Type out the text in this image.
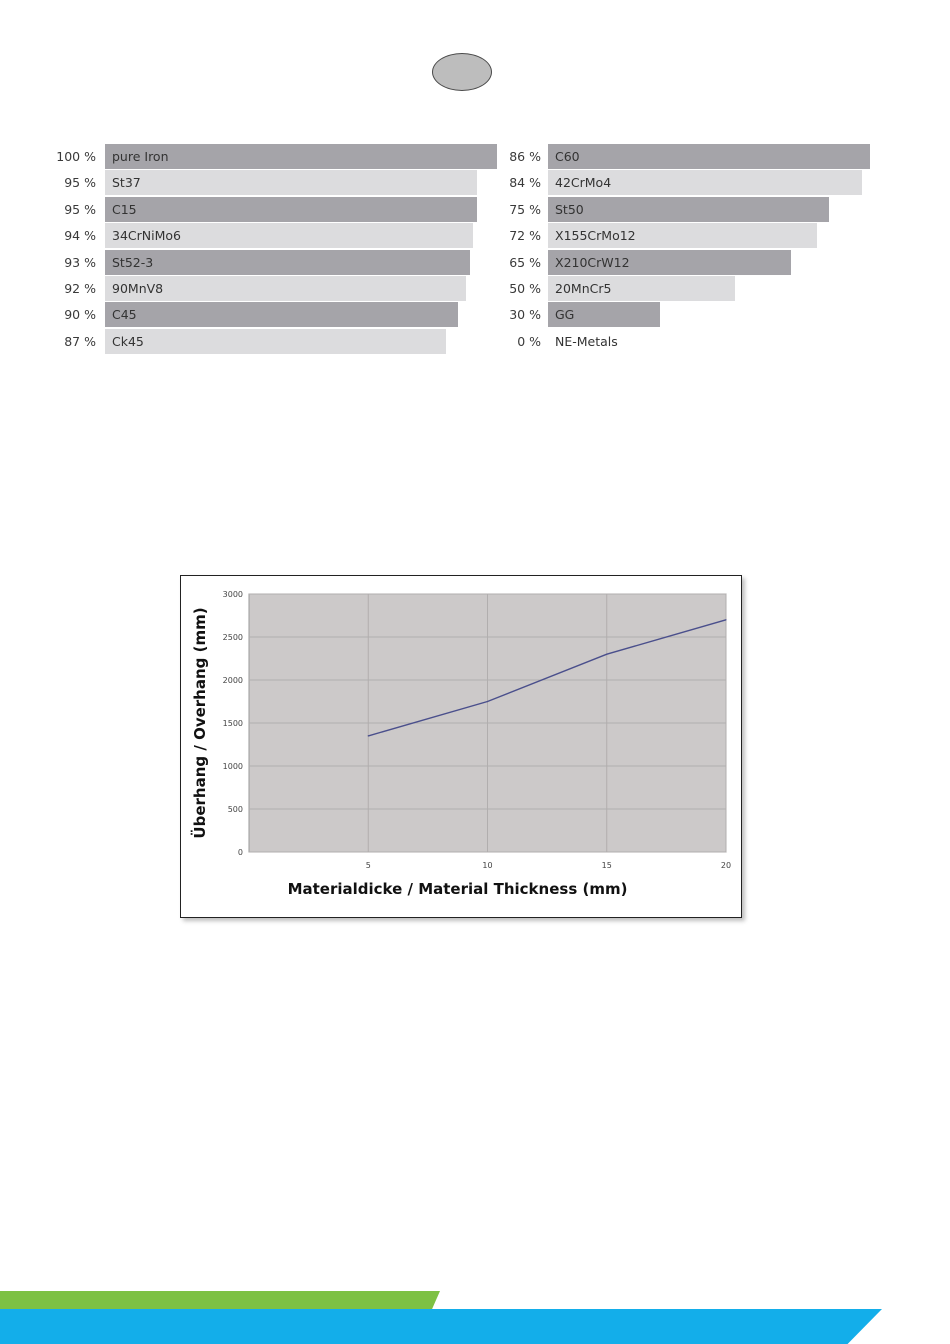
100 % pure Iron
95 % St37
95 % C15
94 % 34CrNiMo6
93 % St52-3
92 % 90MnV8
90 % C45
87 % Ck45
86 % C60
84 % 42CrMo4
75 % St50
72 % X155CrMo12
65 % X210CrW12
50 % 20MnCr5
30 % GG
0 % NE-Metals
0
500
1000
1500
2000
2500
3000
5	10	15	20
Materialdicke / Material Thickness (mm)
Überhang / Overhang (mm)
